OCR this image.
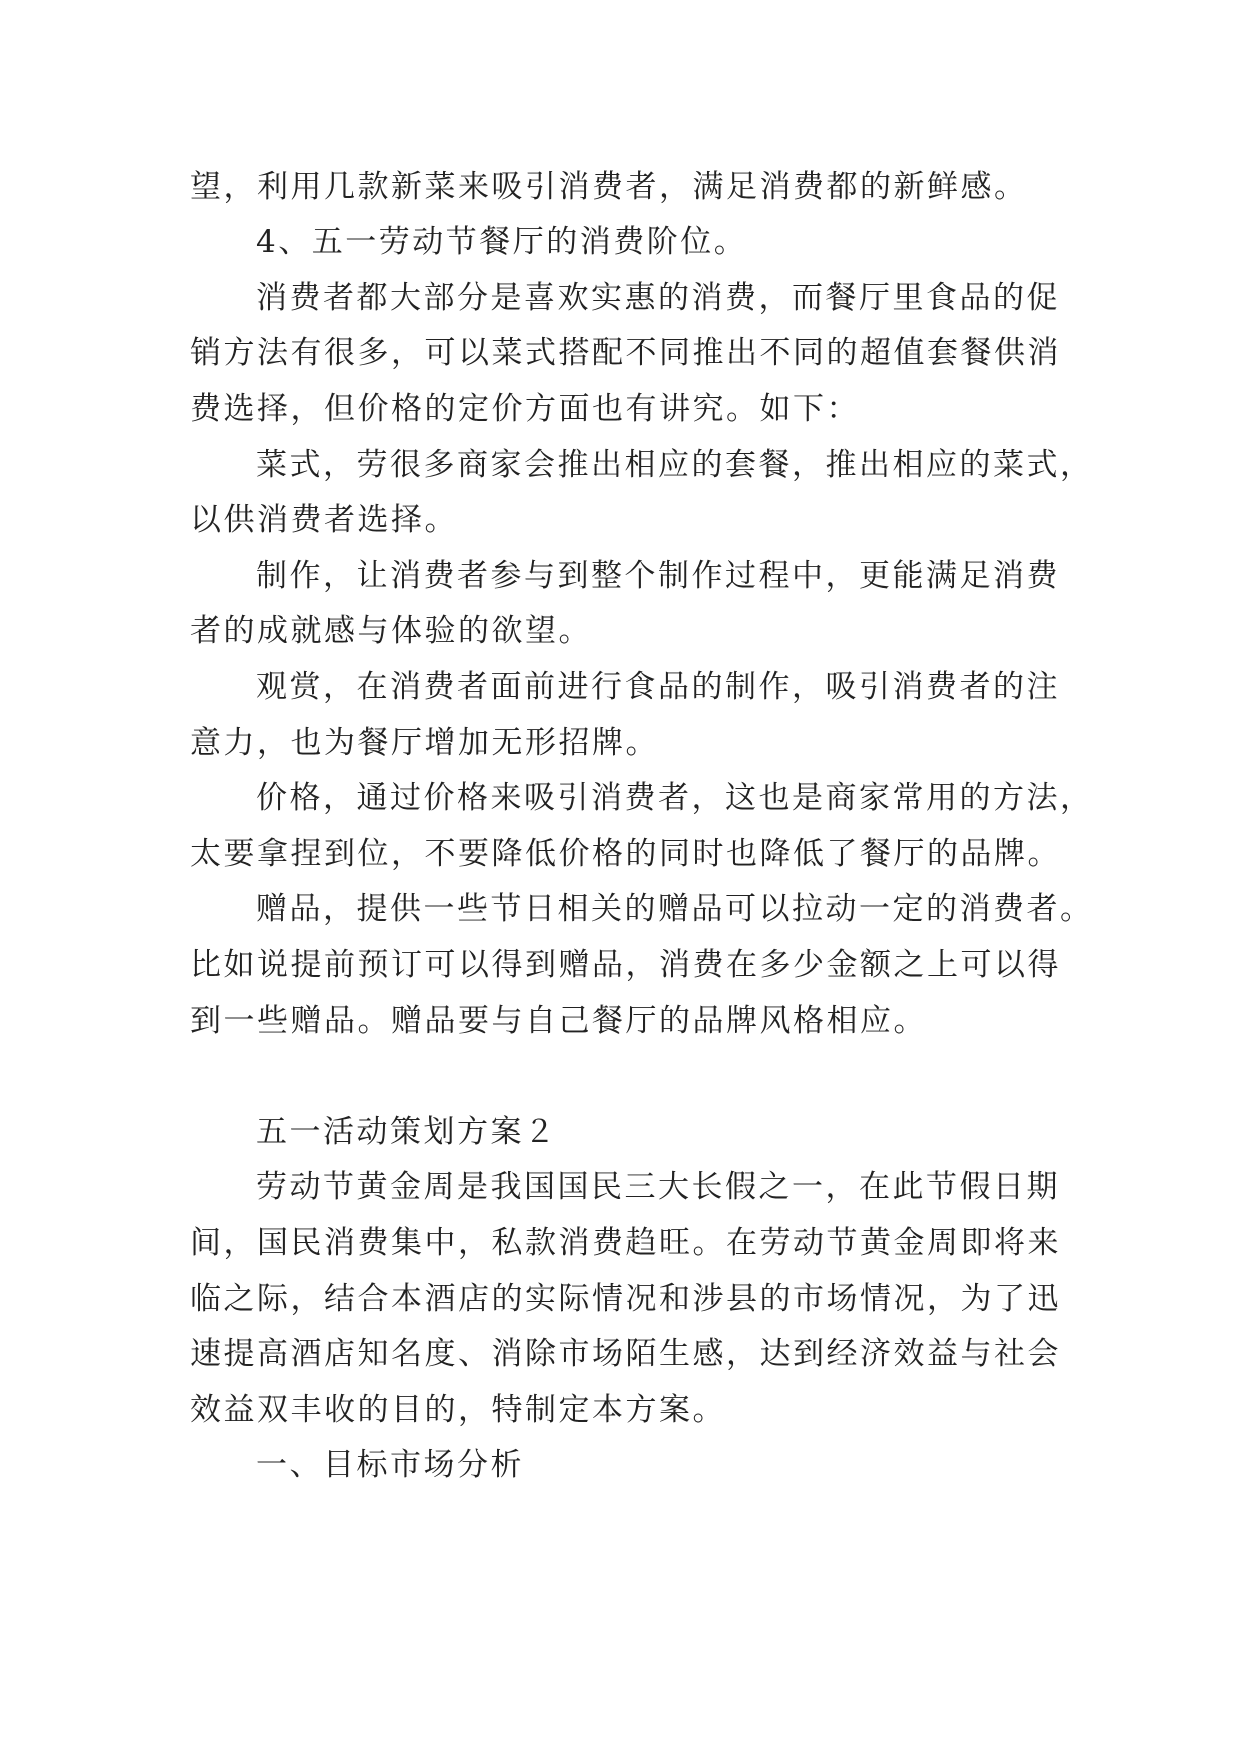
望，利用几款新菜来吸引消费者，满足消费都的新鲜感。
4、五一劳动节餐厅的消费阶位。
消费者都大部分是喜欢实惠的消费，而餐厅里食品的促
销方法有很多，可以菜式搭配不同推出不同的超值套餐供消
费选择，但价格的定价方面也有讲究。如下：
菜式，劳很多商家会推出相应的套餐，推出相应的菜式，
以供消费者选择。
制作，让消费者参与到整个制作过程中，更能满足消费
者的成就感与体验的欲望。
观赏，在消费者面前进行食品的制作，吸引消费者的注
意力，也为餐厅增加无形招牌。
价格，通过价格来吸引消费者，这也是商家常用的方法，
太要拿捏到位，不要降低价格的同时也降低了餐厅的品牌。
赠品，提供一些节日相关的赠品可以拉动一定的消费者。
比如说提前预订可以得到赠品，消费在多少金额之上可以得
到一些赠品。赠品要与自己餐厅的品牌风格相应。
五一活动策划方案２
劳动节黄金周是我国国民三大长假之一，在此节假日期
间，国民消费集中，私款消费趋旺。在劳动节黄金周即将来
临之际，结合本酒店的实际情况和涉县的市场情况，为了迅
速提高酒店知名度、消除市场陌生感，达到经济效益与社会
效益双丰收的目的，特制定本方案。
一、目标市场分析
